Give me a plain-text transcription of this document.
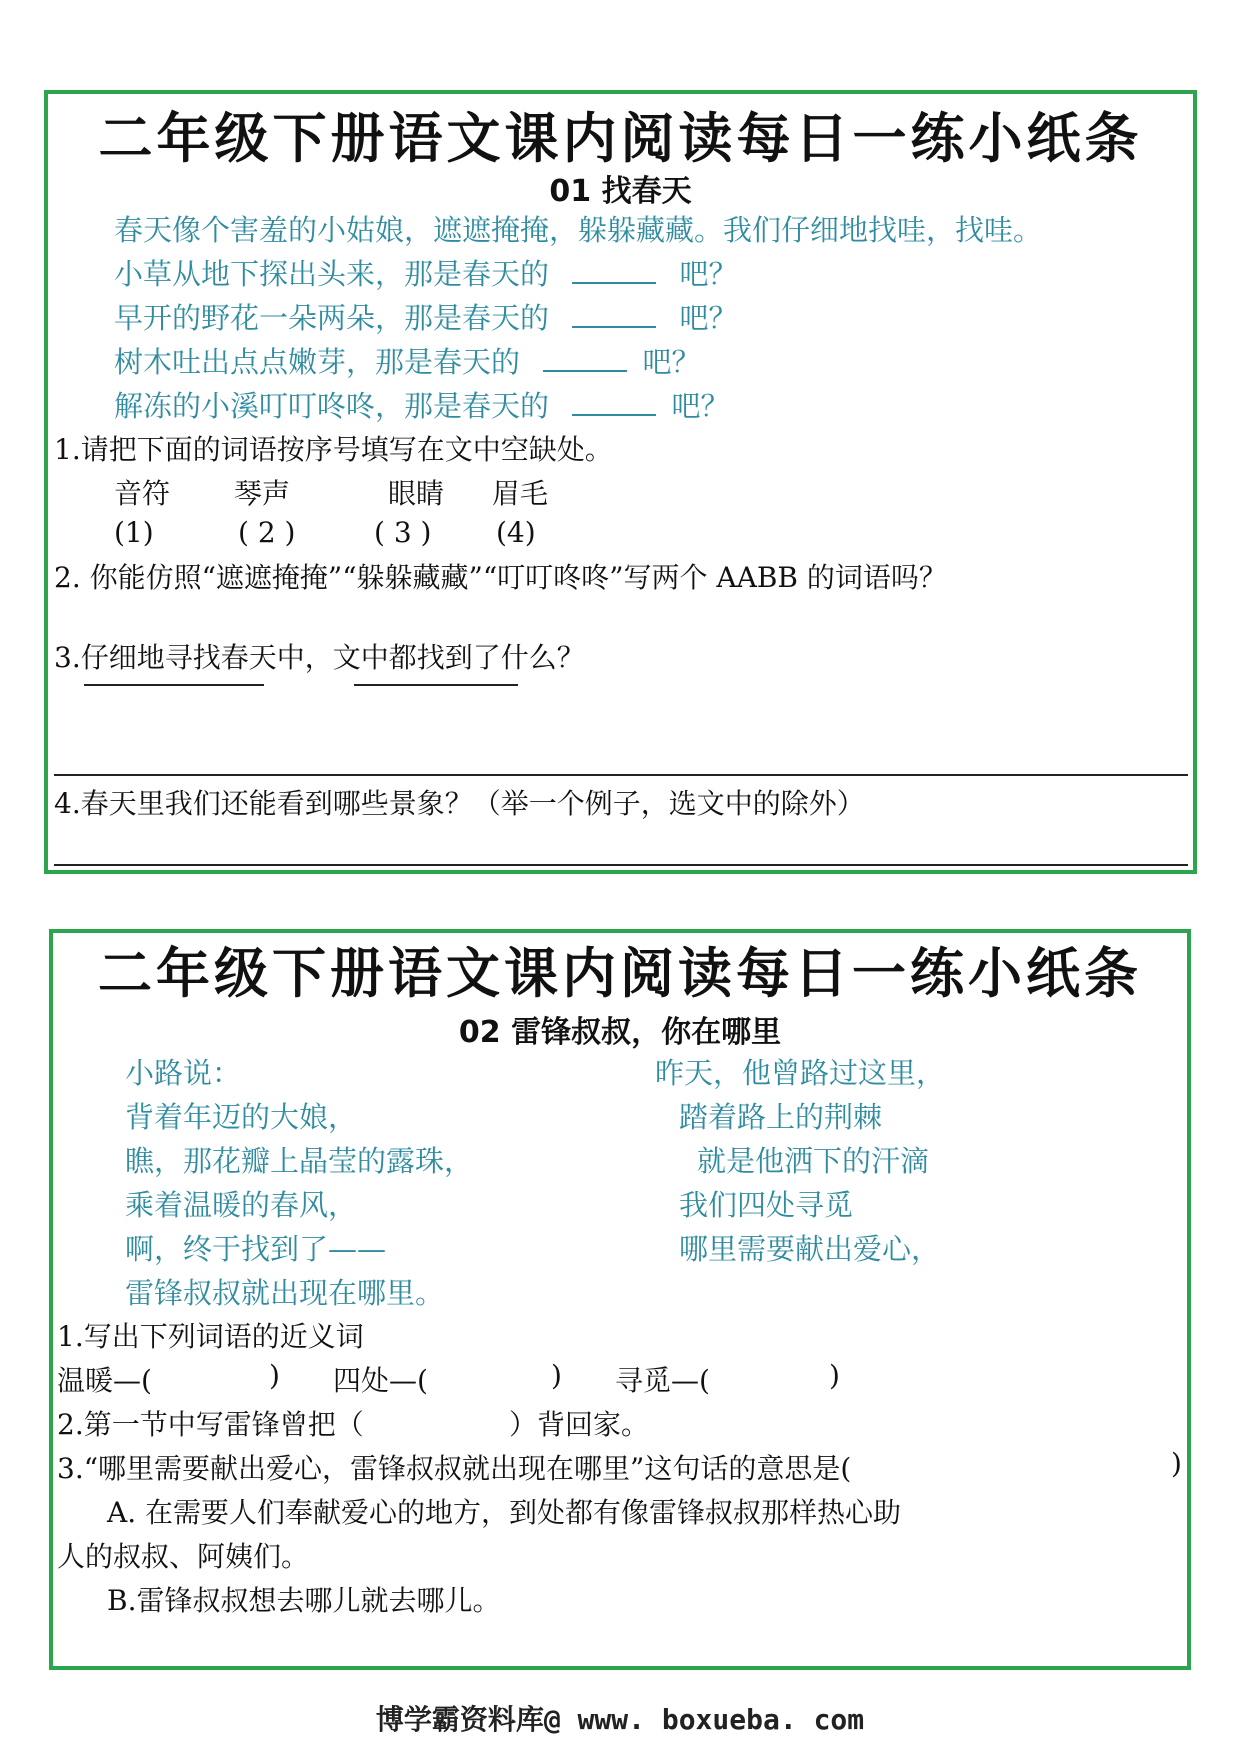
二年级下册语文课内阅读每日一练小纸条
01 找春天
春天像个害羞的小姑娘，遮遮掩掩，躲躲藏藏。我们仔细地找哇，找哇。
小草从地下探出头来，那是春天的	吧？
早开的野花一朵两朵，那是春天的	吧？
树木吐出点点嫩芽，那是春天的	吧？
解冻的小溪叮叮咚咚，那是春天的	吧？
1.请把下面的词语按序号填写在文中空缺处。
音符 琴声	眼睛 眉毛
(1)	( 2 )	( 3 ) (4)
2. 你能仿照“遮遮掩掩”“躲躲藏藏”“叮叮咚咚”写两个 AABB 的词语吗？
3.仔细地寻找春天中，文中都找到了什么？
4.春天里我们还能看到哪些景象？（举一个例子，选文中的除外）
二年级下册语文课内阅读每日一练小纸条
02 雷锋叔叔，你在哪里
小路说：
背着年迈的大娘，
瞧，那花瓣上晶莹的露珠，
乘着温暖的春风，
啊，终于找到了——
雷锋叔叔就出现在哪里。
昨天，他曾路过这里，
踏着路上的荆棘
就是他洒下的汗滴
我们四处寻觅
哪里需要献出爱心，
1.写出下列词语的近义词
温暖—(	) 四处—(	) 寻觅—(	)
2.第一节中写雷锋曾把（	）背回家。
3.“哪里需要献出爱心，雷锋叔叔就出现在哪里”这句话的意思是(	)
A. 在需要人们奉献爱心的地方，到处都有像雷锋叔叔那样热心助
人的叔叔、阿姨们。
B.雷锋叔叔想去哪儿就去哪儿。
博学霸资料库@ www. boxueba. com
